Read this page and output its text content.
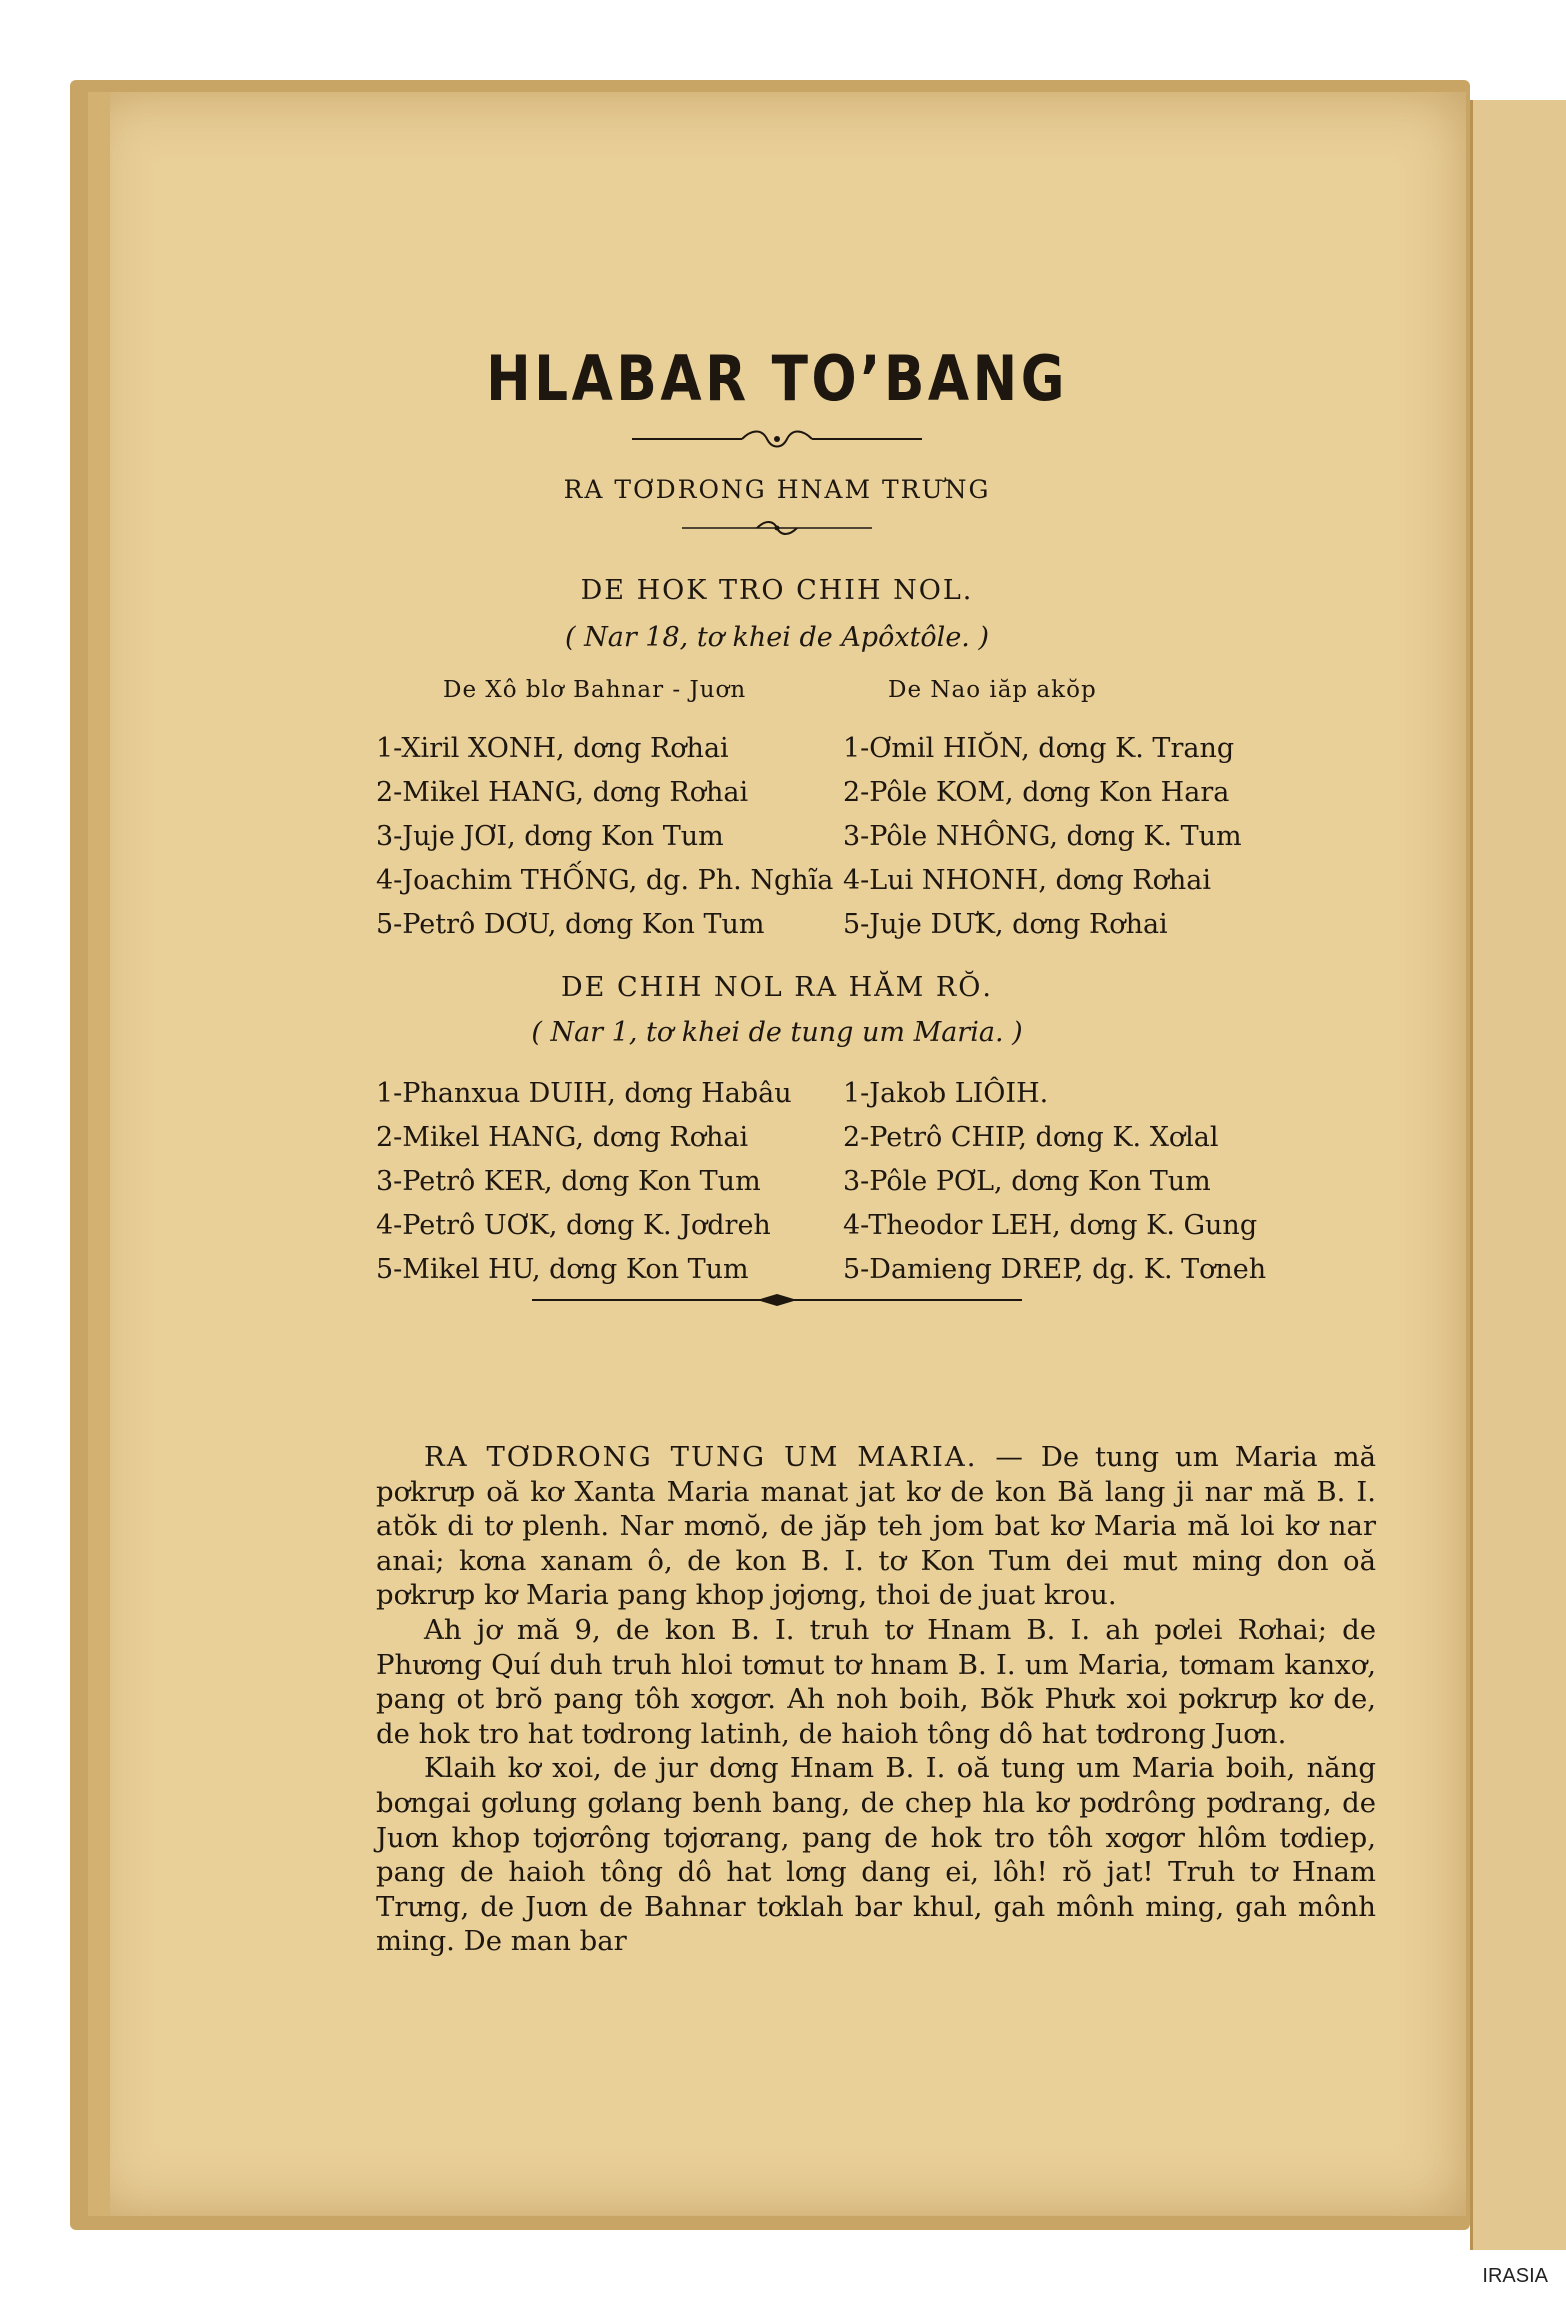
HLABAR TO’BANG
RA TƠDRONG HNAM TRƯNG
DE HOK TRO CHIH NOL.
( Nar 18, tơ khei de Apôxtôle. )
De Xô blơ Bahnar - Juơn	De Nao iăp akŏp
1-Xiril XONH, dơng Rơhai
2-Mikel HANG, dơng Rơhai
3-Juje JƠI, dơng Kon Tum
4-Joachim THỐNG, dg. Ph. Nghĩa
5-Petrô DƠU, dơng Kon Tum
1-Ơmil HIŎN, dơng K. Trang
2-Pôle KOM, dơng Kon Hara
3-Pôle NHÔNG, dơng K. Tum
4-Lui NHONH, dơng Rơhai
5-Juje DƯK, dơng Rơhai
DE CHIH NOL RA HĂM RŎ.
( Nar 1, tơ khei de tung um Maria. )
1-Phanxua DUIH, dơng Habâu
2-Mikel HANG, dơng Rơhai
3-Petrô KER, dơng Kon Tum
4-Petrô UƠK, dơng K. Jơdreh
5-Mikel HU, dơng Kon Tum
1-Jakob LIÔIH.
2-Petrô CHIP, dơng K. Xơlal
3-Pôle PƠL, dơng Kon Tum
4-Theodor LEH, dơng K. Gung
5-Damieng DREP, dg. K. Tơneh

RA TƠDRONG TUNG UM MARIA. — De tung um Maria mă pơkrưp oă kơ Xanta Maria manat jat kơ de kon Bă lang ji nar mă B. I. atŏk di tơ plenh. Nar mơnŏ, de jăp teh jom bat kơ Maria mă loi kơ nar anai; kơna xanam ô, de kon B. I. tơ Kon Tum dei mut ming don oă pơkrưp kơ Maria pang khop jơjơng, thoi de juat krou.

Ah jơ mă 9, de kon B. I. truh tơ Hnam B. I. ah pơlei Rơhai; de Phương Quí duh truh hloi tơmut tơ hnam B. I. um Maria, tơmam kanxơ, pang ot brŏ pang tôh xơgơr. Ah noh boih, Bŏk Phưk xoi pơkrưp kơ de, de hok tro hat tơdrong latinh, de haioh tông dô hat tơdrong Juơn.

Klaih kơ xoi, de jur dơng Hnam B. I. oă tung um Maria boih, năng bơngai gơlung gơlang benh bang, de chep hla kơ pơdrông pơdrang, de Juơn khop tơjơrông tơjơrang, pang de hok tro tôh xơgơr hlôm tơdiep, pang de haioh tông dô hat lơng dang ei, lôh! rŏ jat! Truh tơ Hnam Trưng, de Juơn de Bahnar tơklah bar khul, gah mônh ming, gah mônh ming. De man bar

IRASIA
